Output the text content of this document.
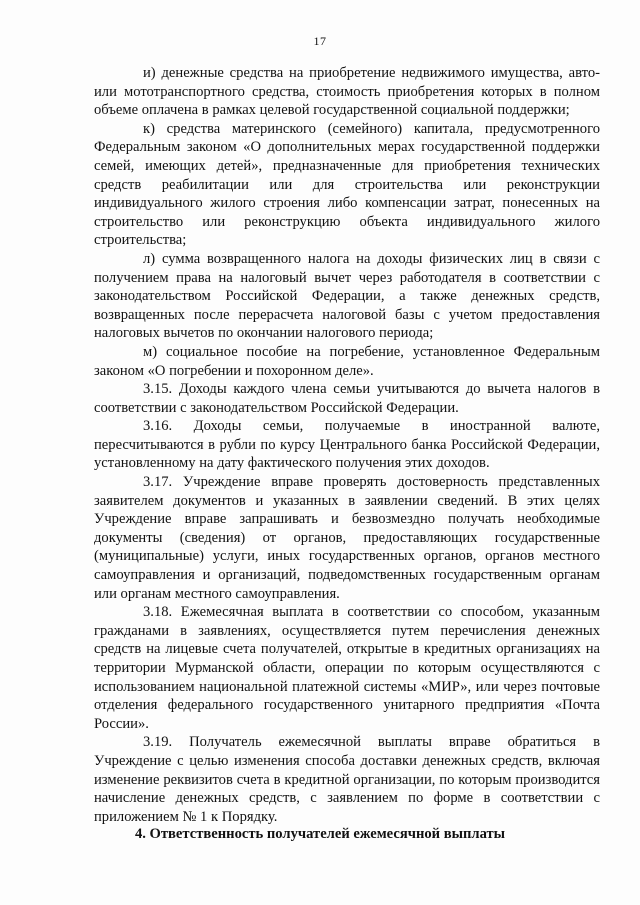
17

и) денежные средства на приобретение недвижимого имущества, авто- или мототранспортного средства, стоимость приобретения которых в полном объеме оплачена в рамках целевой государственной социальной поддержки;

к) средства материнского (семейного) капитала, предусмотренного Федеральным законом «О дополнительных мерах государственной поддержки семей, имеющих детей», предназначенные для приобретения технических средств реабилитации или для строительства или реконструкции индивидуального жилого строения либо компенсации затрат, понесенных на строительство или реконструкцию объекта индивидуального жилого строительства;

л) сумма возвращенного налога на доходы физических лиц в связи с получением права на налоговый вычет через работодателя в соответствии с законодательством Российской Федерации, а также денежных средств, возвращенных после перерасчета налоговой базы с учетом предоставления налоговых вычетов по окончании налогового периода;

м) социальное пособие на погребение, установленное Федеральным законом «О погребении и похоронном деле».

3.15. Доходы каждого члена семьи учитываются до вычета налогов в соответствии с законодательством Российской Федерации.

3.16. Доходы семьи, получаемые в иностранной валюте, пересчитываются в рубли по курсу Центрального банка Российской Федерации, установленному на дату фактического получения этих доходов.

3.17. Учреждение вправе проверять достоверность представленных заявителем документов и указанных в заявлении сведений. В этих целях Учреждение вправе запрашивать и безвозмездно получать необходимые документы (сведения) от органов, предоставляющих государственные (муниципальные) услуги, иных государственных органов, органов местного самоуправления и организаций, подведомственных государственным органам или органам местного самоуправления.

3.18. Ежемесячная выплата в соответствии со способом, указанным гражданами в заявлениях, осуществляется путем перечисления денежных средств на лицевые счета получателей, открытые в кредитных организациях на территории Мурманской области, операции по которым осуществляются с использованием национальной платежной системы «МИР», или через почтовые отделения федерального государственного унитарного предприятия «Почта России».

3.19. Получатель ежемесячной выплаты вправе обратиться в Учреждение с целью изменения способа доставки денежных средств, включая изменение реквизитов счета в кредитной организации, по которым производится начисление денежных средств, с заявлением по форме в соответствии с приложением № 1 к Порядку.

4. Ответственность получателей ежемесячной выплаты
